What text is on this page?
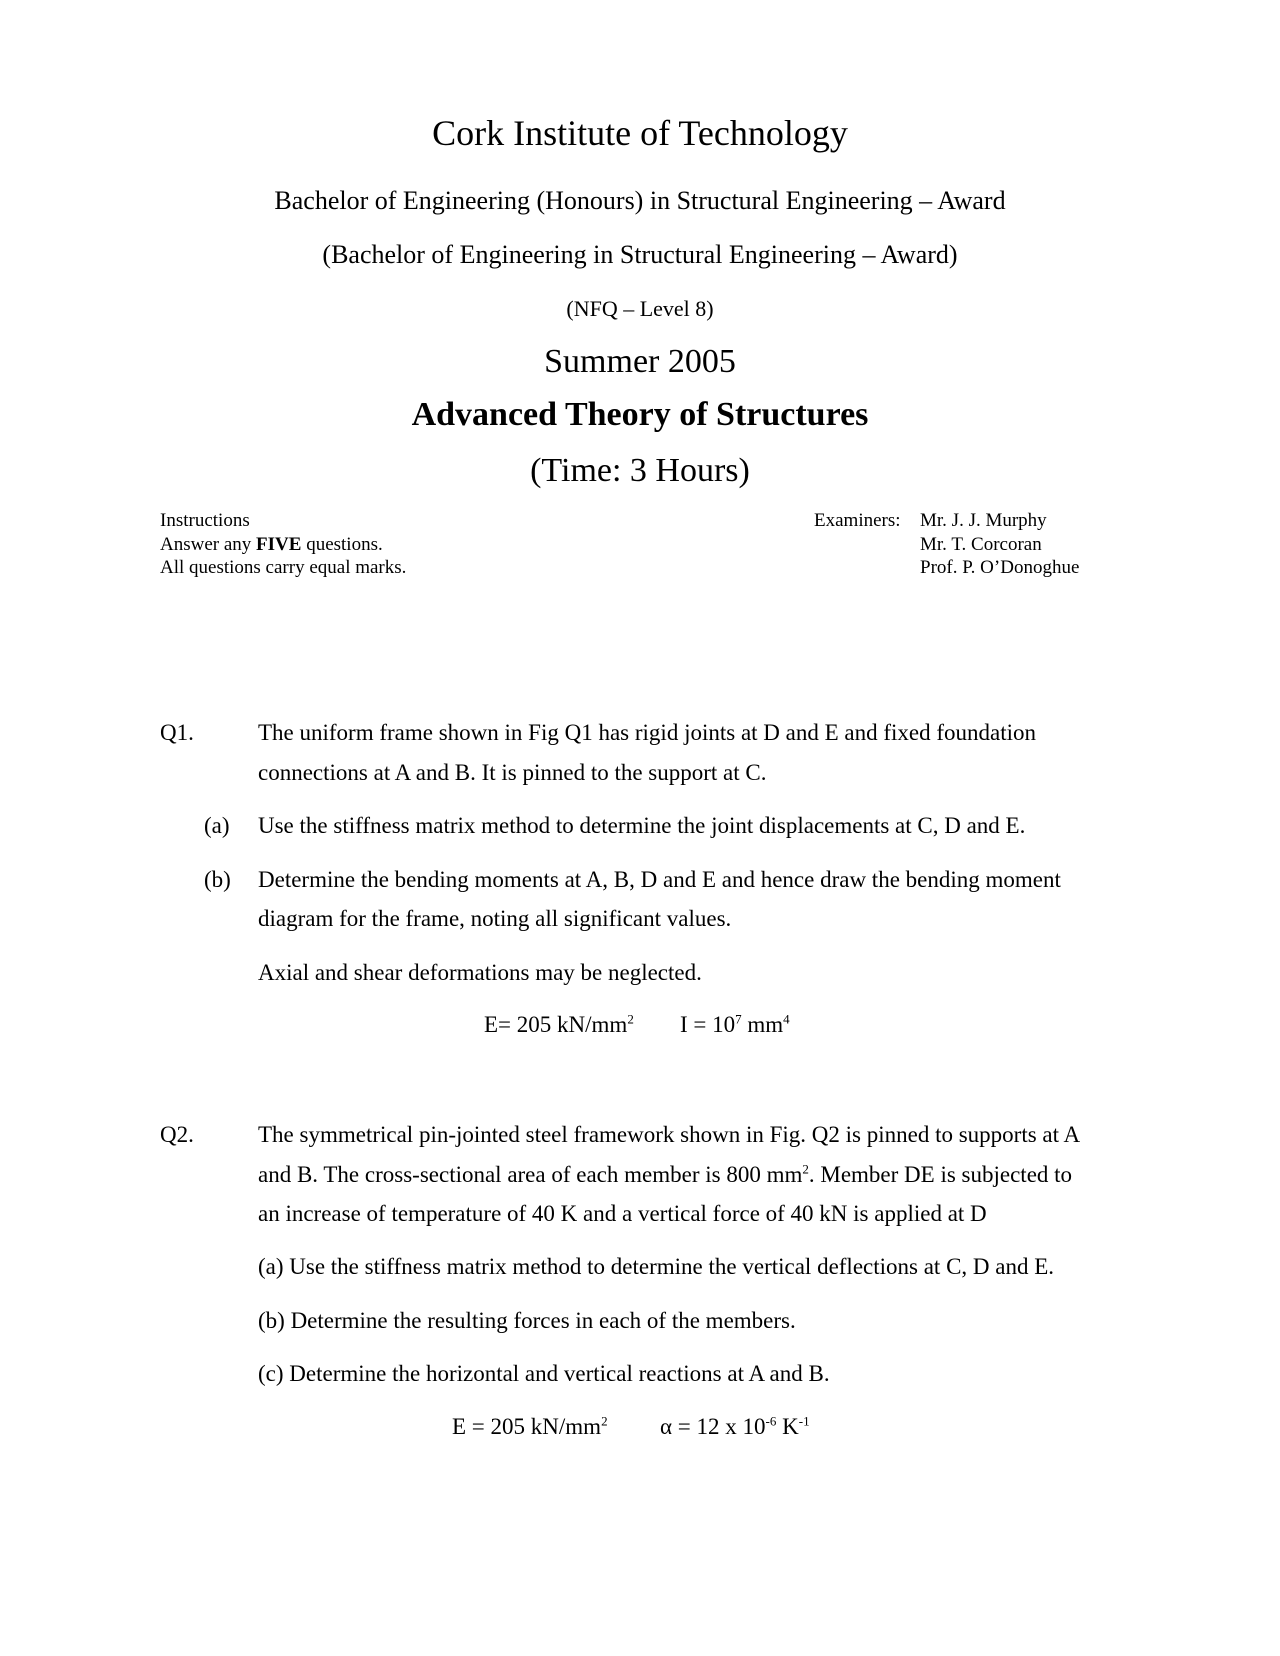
Cork Institute of Technology
Bachelor of Engineering (Honours) in Structural Engineering – Award
(Bachelor of Engineering in Structural Engineering – Award)
(NFQ – Level 8)
Summer 2005
Advanced Theory of Structures
(Time: 3 Hours)
Instructions
Answer any FIVE questions.
All questions carry equal marks.
Examiners: Mr. J. J. Murphy
Mr. T. Corcoran
Prof. P. O’Donoghue
Q1.	The uniform frame shown in Fig Q1 has rigid joints at D and E and fixed foundation
connections at A and B. It is pinned to the support at C.
(a) Use the stiffness matrix method to determine the joint displacements at C, D and E.
(b) Determine the bending moments at A, B, D and E and hence draw the bending moment
diagram for the frame, noting all significant values.
Axial and shear deformations may be neglected.
E= 205 $kN/mm^2$ $I = 10^7$ $mm^4$
Q2.	The symmetrical pin-jointed steel framework shown in Fig. Q2 is pinned to supports at A
and B. The cross-sectional area of each member is 800 $mm^2$. Member DE is subjected to
an increase of temperature of 40 K and a vertical force of 40 kN is applied at D
(a) Use the stiffness matrix method to determine the vertical deflections at C, D and E.
(b) Determine the resulting forces in each of the members.
(c) Determine the horizontal and vertical reactions at A and B.
E = 205 $kN/mm^2$ α = 12 x $10^{-6}$ $K^{-1}$
